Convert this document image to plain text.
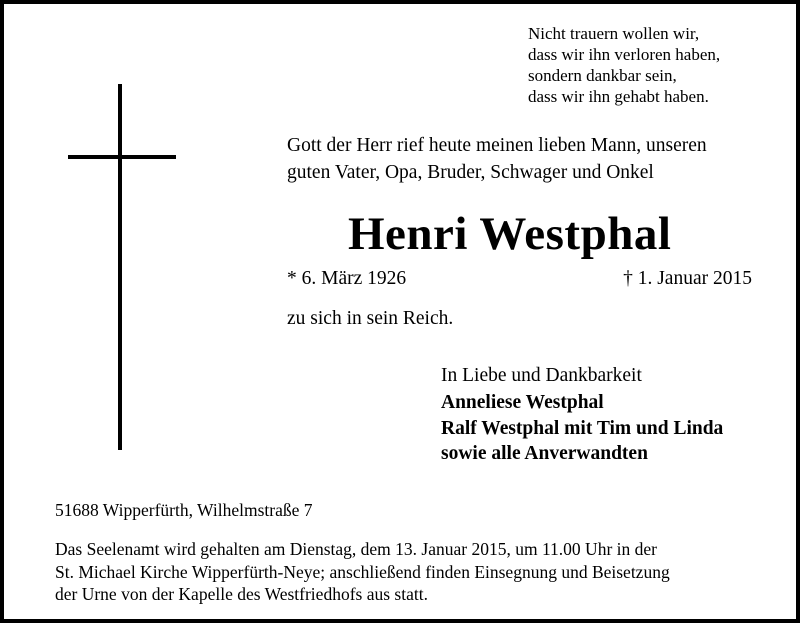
Nicht trauern wollen wir,
dass wir ihn verloren haben,
sondern dankbar sein,
dass wir ihn gehabt haben.
Gott der Herr rief heute meinen lieben Mann, unseren
guten Vater, Opa, Bruder, Schwager und Onkel
Henri Westphal
* 6. März 1926	† 1. Januar 2015
zu sich in sein Reich.
In Liebe und Dankbarkeit
Anneliese Westphal
Ralf Westphal mit Tim und Linda
sowie alle Anverwandten
51688 Wipperfürth, Wilhelmstraße 7
Das Seelenamt wird gehalten am Dienstag, dem 13. Januar 2015, um 11.00 Uhr in der
St. Michael Kirche Wipperfürth-Neye; anschließend finden Einsegnung und Beisetzung
der Urne von der Kapelle des Westfriedhofs aus statt.
